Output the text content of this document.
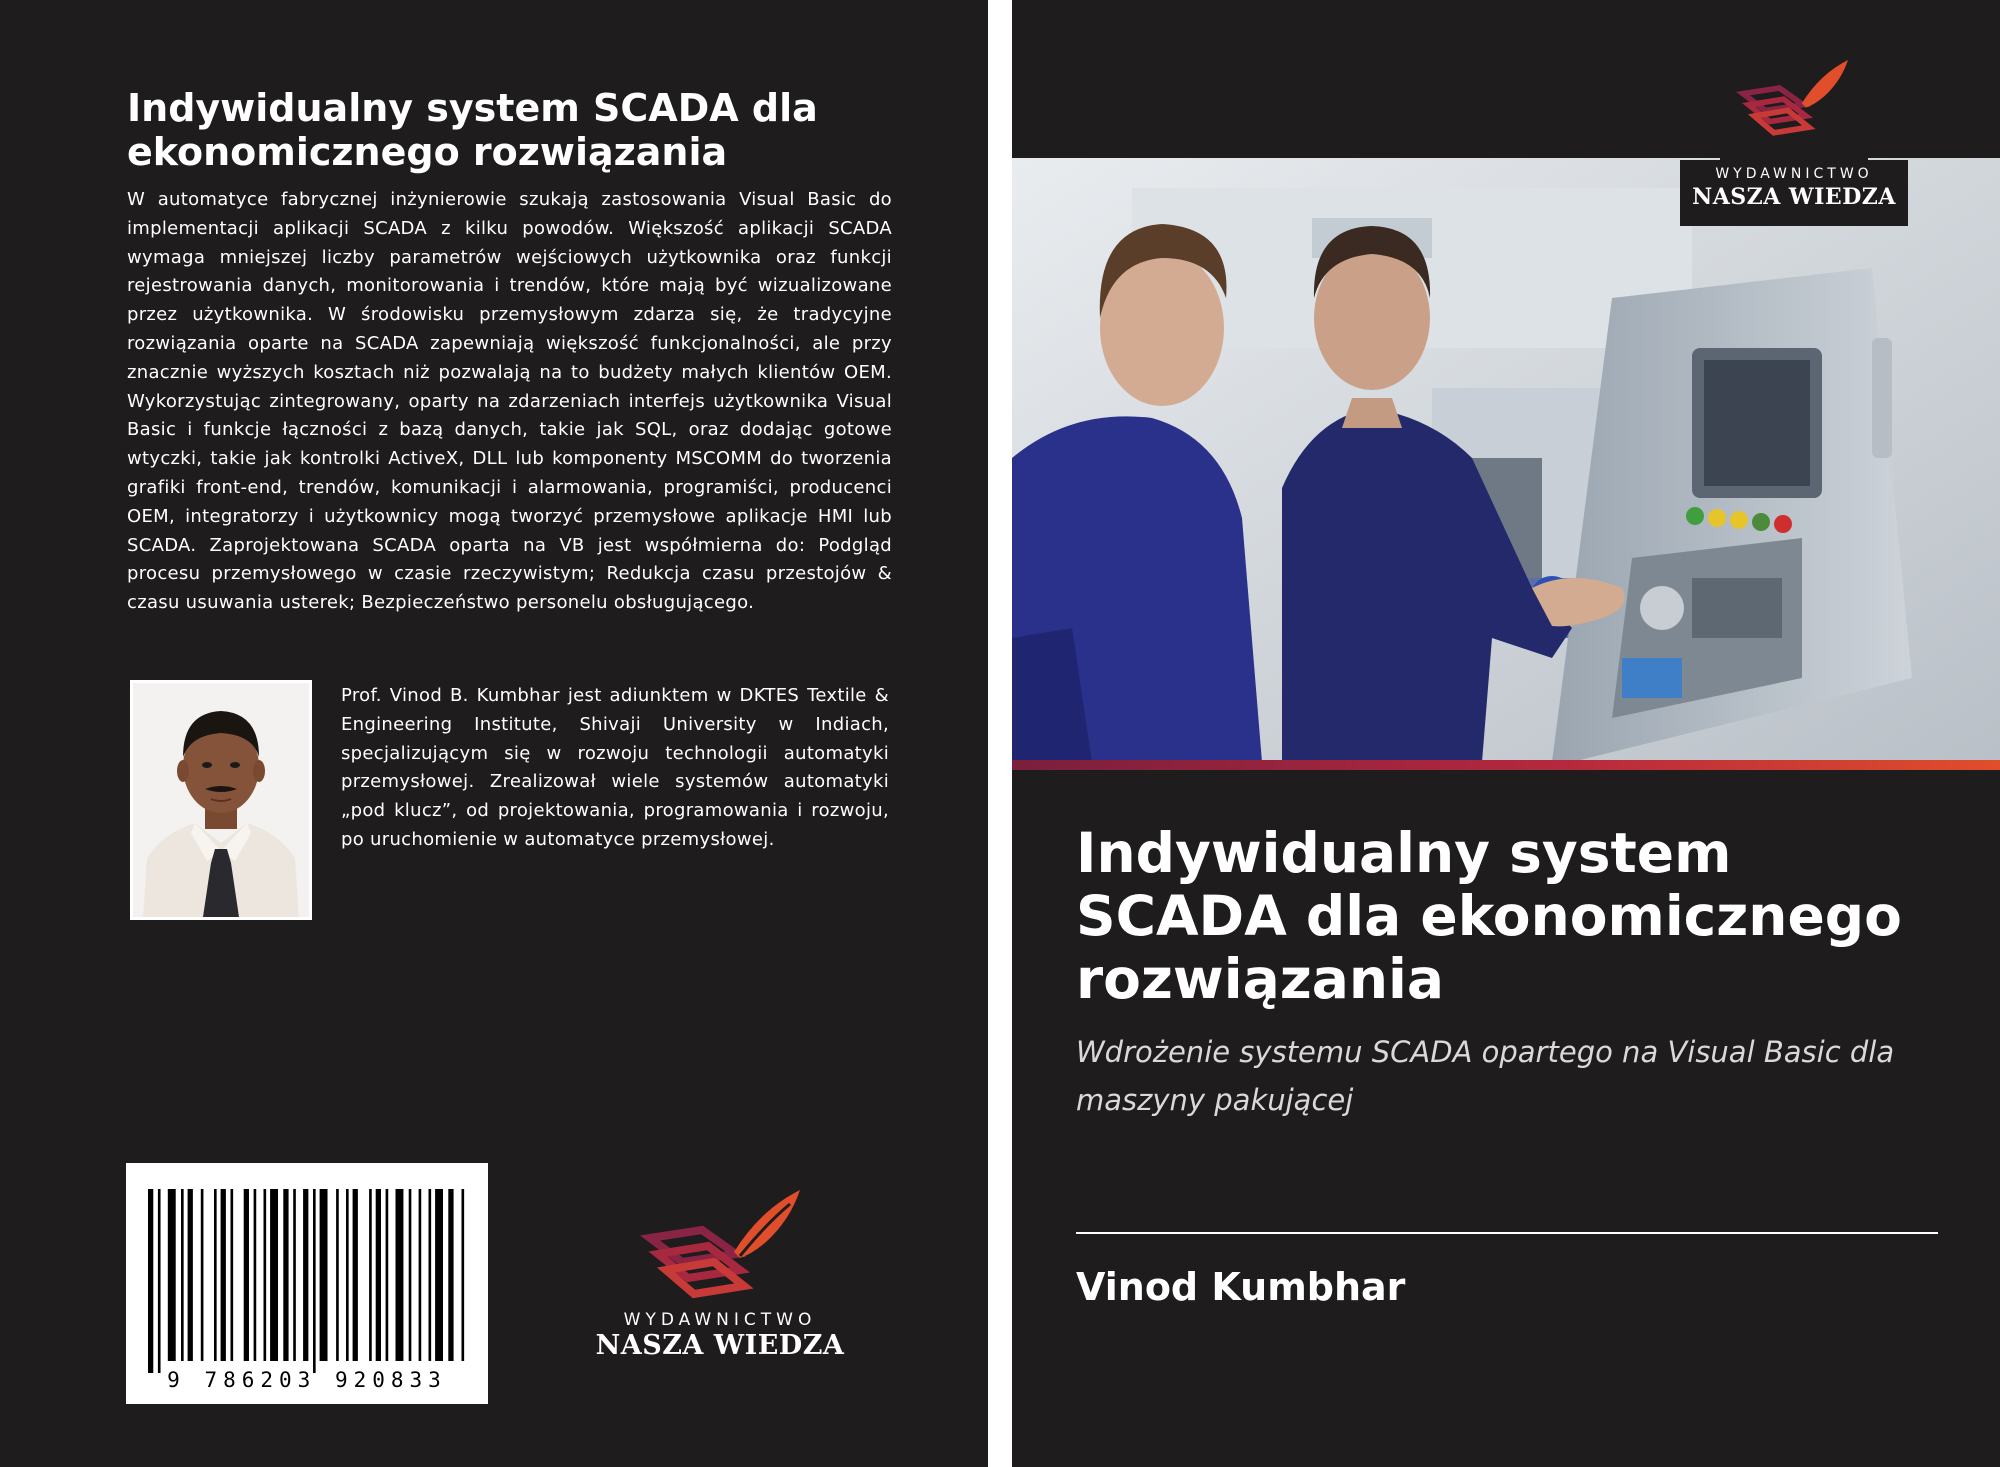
Indywidualny system SCADA dla
ekonomicznego rozwiązania
W automatyce fabrycznej inżynierowie szukają zastosowania Visual Basic do implementacji aplikacji SCADA z kilku powodów. Większość aplikacji SCADA wymaga mniejszej liczby parametrów wejściowych użytkownika oraz funkcji rejestrowania danych, monitorowania i trendów, które mają być wizualizowane przez użytkownika. W środowisku przemysłowym zdarza się, że tradycyjne rozwiązania oparte na SCADA zapewniają większość funkcjonalności, ale przy znacznie wyższych kosztach niż pozwalają na to budżety małych klientów OEM. Wykorzystując zintegrowany, oparty na zdarzeniach interfejs użytkownika Visual Basic i funkcje łączności z bazą danych, takie jak SQL, oraz dodając gotowe wtyczki, takie jak kontrolki ActiveX, DLL lub komponenty MSCOMM do tworzenia grafiki front-end, trendów, komunikacji i alarmowania, programiści, producenci OEM, integratorzy i użytkownicy mogą tworzyć przemysłowe aplikacje HMI lub SCADA. Zaprojektowana SCADA oparta na VB jest współmierna do: Podgląd procesu przemysłowego w czasie rzeczywistym; Redukcja czasu przestojów & czasu usuwania usterek; Bezpieczeństwo personelu obsługującego.
Prof. Vinod B. Kumbhar jest adiunktem w DKTES Textile & Engineering Institute, Shivaji University w Indiach, specjalizującym się w rozwoju technologii automatyki przemysłowej. Zrealizował wiele systemów automatyki „pod klucz”, od projektowania, programowania i rozwoju, po uruchomienie w automatyce przemysłowej.
9 786203 920833
WYDAWNICTWO
NASZA WIEDZA
WYDAWNICTWO
NASZA WIEDZA
Indywidualny system
SCADA dla ekonomicznego
rozwiązania
Wdrożenie systemu SCADA opartego na Visual Basic dla maszyny pakującej
Vinod Kumbhar
